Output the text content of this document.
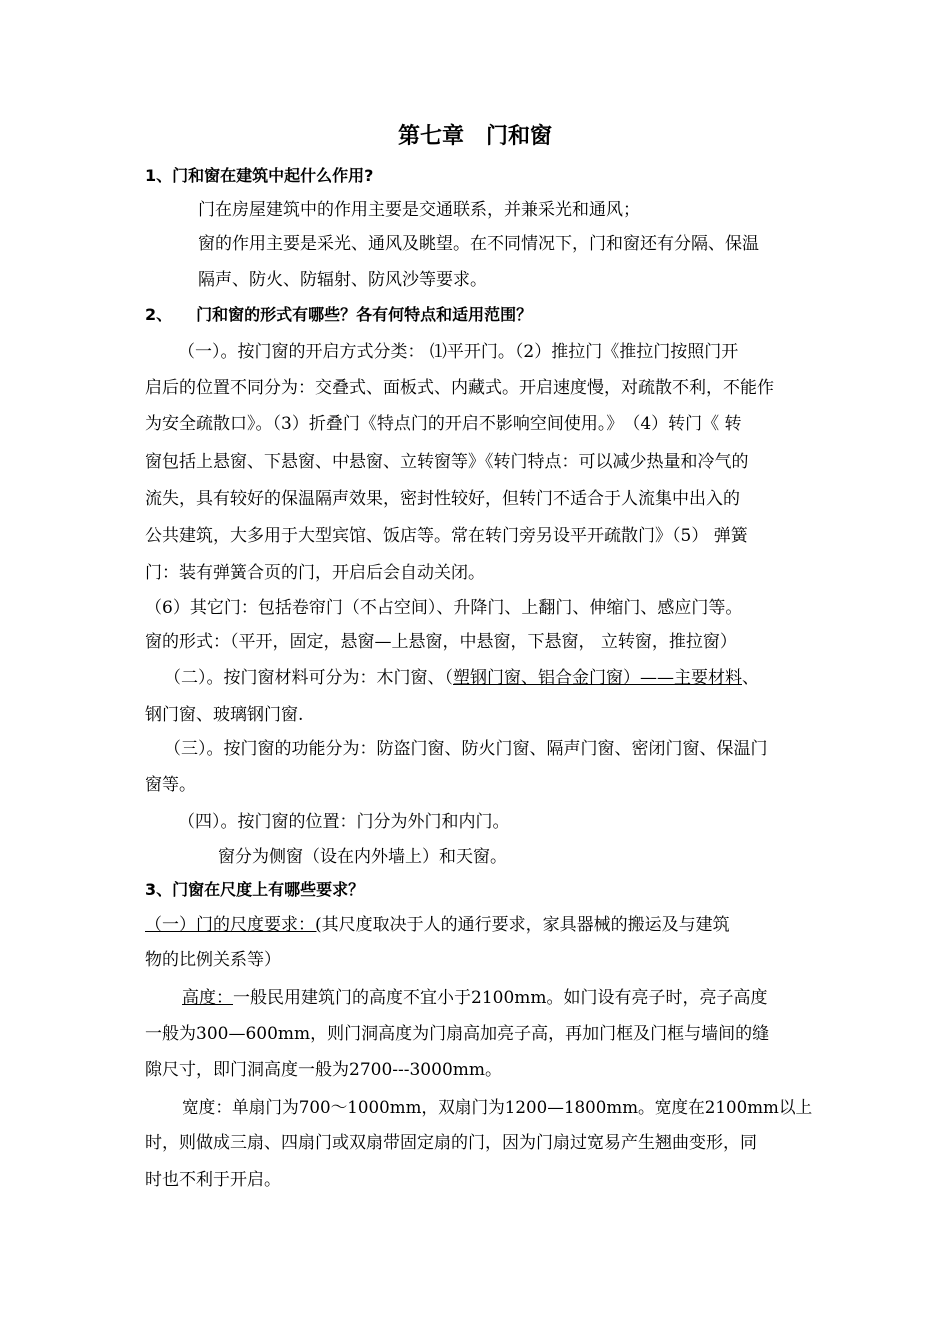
第七章　门和窗

1、门和窗在建筑中起什么作用?

门在房屋建筑中的作用主要是交通联系，并兼采光和通风；

窗的作用主要是采光、通风及眺望。在不同情况下，门和窗还有分隔、保温

隔声、防火、防辐射、防风沙等要求。

2、　　门和窗的形式有哪些？各有何特点和适用范围？

（一）。按门窗的开启方式分类： ⑴平开门。（2）推拉门《推拉门按照门开

启后的位置不同分为：交叠式、面板式、内藏式。开启速度慢，对疏散不利，不能作

为安全疏散口》。（3）折叠门《特点门的开启不影响空间使用。》　（4）转门《 转

窗包括上悬窗、下悬窗、中悬窗、立转窗等》《转门特点：可以减少热量和冷气的

流失，具有较好的保温隔声效果，密封性较好，但转门不适合于人流集中出入的

公共建筑，大多用于大型宾馆、饭店等。常在转门旁另设平开疏散门》（5） 弹簧

门：装有弹簧合页的门，开启后会自动关闭。

（6）其它门：包括卷帘门（不占空间）、升降门、上翻门、伸缩门、感应门等。

窗的形式：（平开，固定，悬窗—上悬窗，中悬窗，下悬窗， 立转窗，推拉窗）

（二）。按门窗材料可分为：木门窗、（塑钢门窗、铝合金门窗）——主要材料、

钢门窗、玻璃钢门窗.

（三）。按门窗的功能分为：防盗门窗、防火门窗、隔声门窗、密闭门窗、保温门

窗等。

（四）。按门窗的位置：门分为外门和内门。

窗分为侧窗（设在内外墙上）和天窗。

3、门窗在尺度上有哪些要求？

（一）门的尺度要求：(其尺度取决于人的通行要求，家具器械的搬运及与建筑

物的比例关系等）

高度：一般民用建筑门的高度不宜小于2100mm。如门设有亮子时，亮子高度

一般为300—600mm，则门洞高度为门扇高加亮子高，再加门框及门框与墙间的缝

隙尺寸，即门洞高度一般为2700---3000mm。

宽度：单扇门为700～1000mm，双扇门为1200—1800mm。宽度在2100mm以上

时，则做成三扇、四扇门或双扇带固定扇的门，因为门扇过宽易产生翘曲变形，同

时也不利于开启。
